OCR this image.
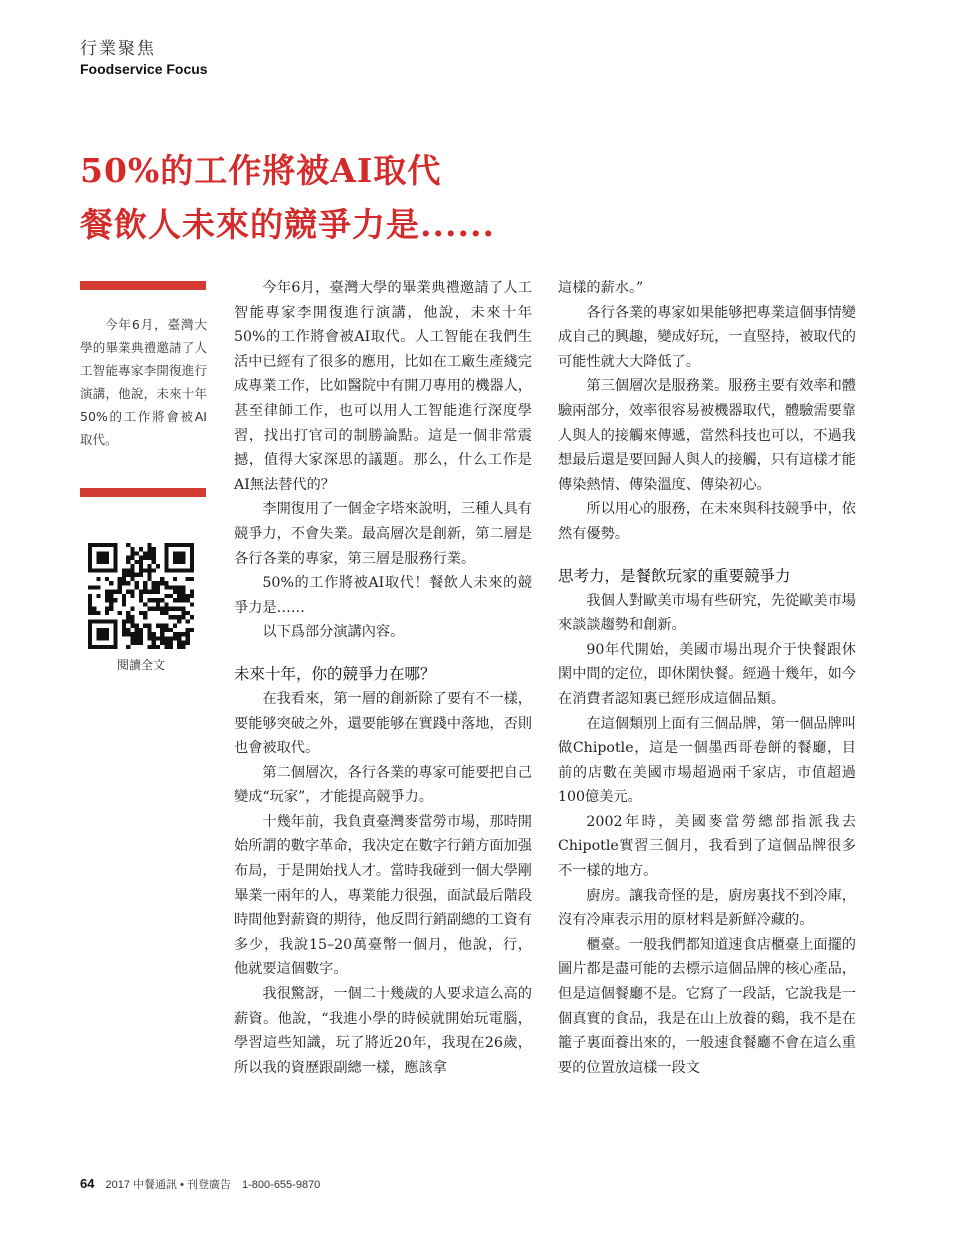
行業聚焦
Foodservice Focus
50%的工作將被AI取代
餐飲人未來的競爭力是......

今年6月，臺灣大學的畢業典禮邀請了人工智能專家李開復進行演講，他說，未來十年50%的工作將會被AI取代。

閱讀全文

今年6月，臺灣大學的畢業典禮邀請了人工智能專家李開復進行演講，他說，未來十年50%的工作將會被AI取代。人工智能在我們生活中已經有了很多的應用，比如在工廠生產綫完成專業工作，比如醫院中有開刀專用的機器人，甚至律師工作，也可以用人工智能進行深度學習，找出打官司的制勝論點。這是一個非常震撼，值得大家深思的議題。那么，什么工作是AI無法替代的？

李開復用了一個金字塔來說明，三種人具有競爭力，不會失業。最高層次是創新，第二層是各行各業的專家，第三層是服務行業。

50%的工作將被AI取代！餐飲人未來的競爭力是……

以下爲部分演講內容。

未來十年，你的競爭力在哪？

在我看來，第一層的創新除了要有不一樣，要能够突破之外，還要能够在實踐中落地，否則也會被取代。

第二個層次，各行各業的專家可能要把自己變成“玩家”，才能提高競爭力。

十幾年前，我負責臺灣麥當勞市場，那時開始所謂的數字革命，我决定在數字行銷方面加强布局，于是開始找人才。當時我碰到一個大學剛畢業一兩年的人，專業能力很强，面試最后階段時間他對薪資的期待，他反問行銷副總的工資有多少，我說15–20萬臺幣一個月，他說，行，他就要這個數字。

我很驚訝，一個二十幾歲的人要求這么高的薪資。他說，“我進小學的時候就開始玩電腦，學習這些知識，玩了將近20年，我現在26歲，所以我的資歷跟副總一樣，應該拿

這樣的薪水。”

各行各業的專家如果能够把專業這個事情變成自己的興趣，變成好玩，一直堅持，被取代的可能性就大大降低了。

第三個層次是服務業。服務主要有效率和體驗兩部分，效率很容易被機器取代，體驗需要靠人與人的接觸來傳遞，當然科技也可以，不過我想最后還是要回歸人與人的接觸，只有這樣才能傳染熱情、傳染溫度、傳染初心。

所以用心的服務，在未來與科技競爭中，依然有優勢。

思考力，是餐飲玩家的重要競爭力

我個人對歐美市場有些研究，先從歐美市場來談談趨勢和創新。

90年代開始，美國市場出現介于快餐跟休閑中間的定位，即休閑快餐。經過十幾年，如今在消費者認知裏已經形成這個品類。

在這個類別上面有三個品牌，第一個品牌叫做Chipotle，這是一個墨西哥卷餅的餐廳，目前的店數在美國市場超過兩千家店，市值超過100億美元。

2002年時，美國麥當勞總部指派我去Chipotle實習三個月，我看到了這個品牌很多不一樣的地方。

廚房。讓我奇怪的是，廚房裏找不到冷庫，沒有冷庫表示用的原材料是新鮮冷藏的。

櫃臺。一般我們都知道速食店櫃臺上面擺的圖片都是盡可能的去標示這個品牌的核心產品，但是這個餐廳不是。它寫了一段話，它說我是一個真實的食品，我是在山上放養的鷄，我不是在籠子裏面養出來的，一般速食餐廳不會在這么重要的位置放這樣一段文

64 2017 中餐通訊 • 刊登廣告　1-800-655-9870
